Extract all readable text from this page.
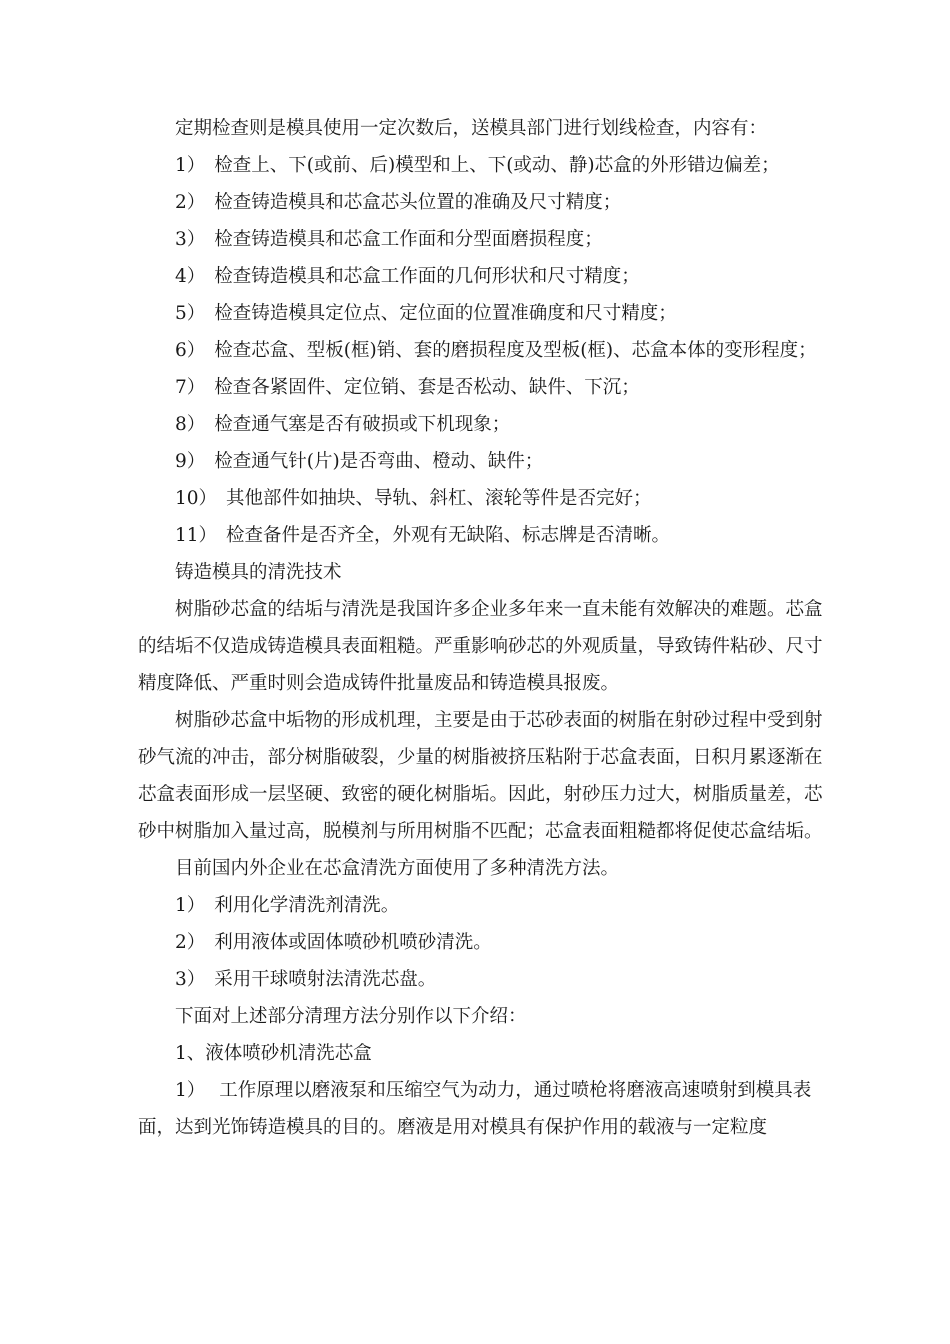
定期检查则是模具使用一定次数后，送模具部门进行划线检查，内容有：

1） 检查上、下(或前、后)模型和上、下(或动、静)芯盒的外形错边偏差；

2） 检查铸造模具和芯盒芯头位置的准确及尺寸精度；

3） 检查铸造模具和芯盒工作面和分型面磨损程度；

4） 检查铸造模具和芯盒工作面的几何形状和尺寸精度；

5） 检查铸造模具定位点、定位面的位置准确度和尺寸精度；

6） 检查芯盒、型板(框)销、套的磨损程度及型板(框)、芯盒本体的变形程度；

7） 检查各紧固件、定位销、套是否松动、缺件、下沉；

8） 检查通气塞是否有破损或下机现象；

9） 检查通气针(片)是否弯曲、橙动、缺件；

10） 其他部件如抽块、导轨、斜杠、滚轮等件是否完好；

11） 检查备件是否齐全，外观有无缺陷、标志牌是否清晰。

铸造模具的清洗技术

树脂砂芯盒的结垢与清洗是我国许多企业多年来一直未能有效解决的难题。芯盒的结垢不仅造成铸造模具表面粗糙。严重影响砂芯的外观质量，导致铸件粘砂、尺寸精度降低、严重时则会造成铸件批量废品和铸造模具报废。

树脂砂芯盒中垢物的形成机理，主要是由于芯砂表面的树脂在射砂过程中受到射砂气流的冲击，部分树脂破裂，少量的树脂被挤压粘附于芯盒表面，日积月累逐渐在芯盒表面形成一层坚硬、致密的硬化树脂垢。因此，射砂压力过大，树脂质量差，芯砂中树脂加入量过高，脱模剂与所用树脂不匹配；芯盒表面粗糙都将促使芯盒结垢。

目前国内外企业在芯盒清洗方面使用了多种清洗方法。

1） 利用化学清洗剂清洗。

2） 利用液体或固体喷砂机喷砂清洗。

3） 采用干球喷射法清洗芯盘。

下面对上述部分清理方法分别作以下介绍：

1、液体喷砂机清洗芯盒

1） 工作原理以磨液泵和压缩空气为动力，通过喷枪将磨液高速喷射到模具表面，达到光饰铸造模具的目的。磨液是用对模具有保护作用的载液与一定粒度
